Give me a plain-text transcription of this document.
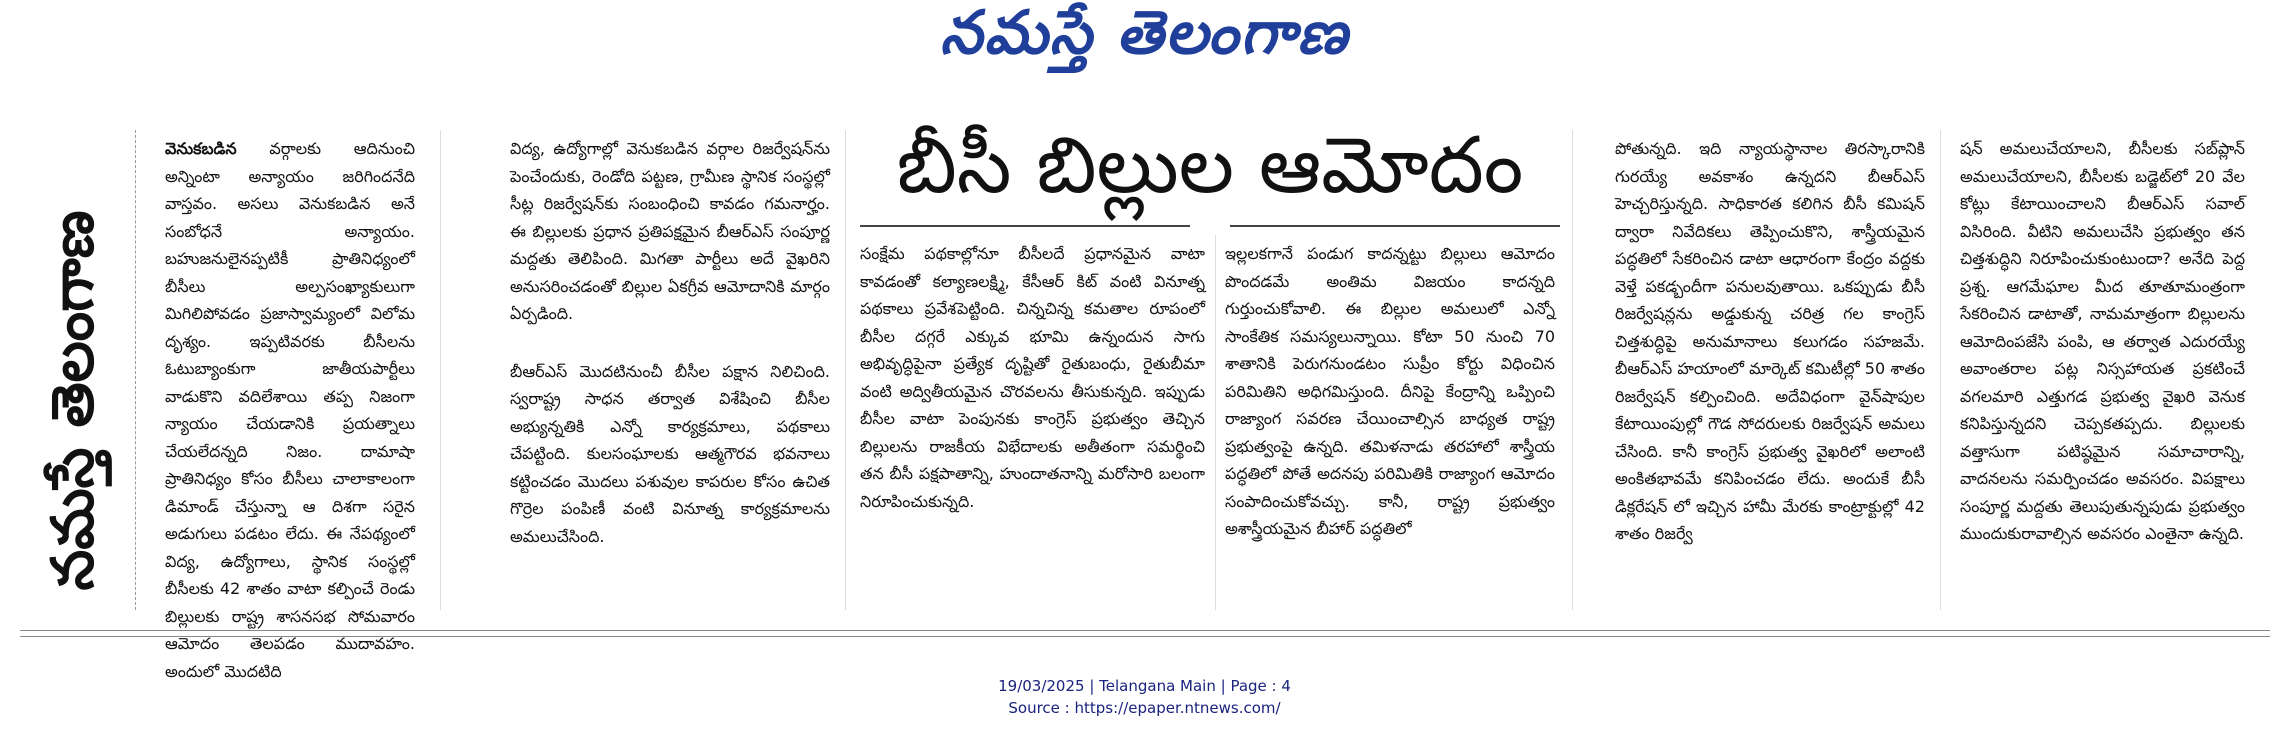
నమస్తే తెలంగాణ
నమస్తే తెలంగాణ

వెనుకబడిన వర్గాలకు ఆదినుంచి అన్నింటా అన్యాయం జరిగిందనేది వాస్తవం. అసలు వెనుకబడిన అనే సంబోధనే అన్యాయం. బహుజనులైనప్పటికీ ప్రాతినిధ్యంలో బీసీలు అల్పసంఖ్యాకులుగా మిగిలిపోవడం ప్రజాస్వామ్యంలో విలోమ దృశ్యం. ఇప్పటివరకు బీసీలను ఓటుబ్యాంకుగా జాతీయపార్టీలు వాడుకొని వదిలేశాయి తప్ప నిజంగా న్యాయం చేయడానికి ప్రయత్నాలు చేయలేదన్నది నిజం. దామాషా ప్రాతినిధ్యం కోసం బీసీలు చాలాకాలంగా డిమాండ్ చేస్తున్నా ఆ దిశగా సరైన అడుగులు పడటం లేదు. ఈ నేపథ్యంలో విద్య, ఉద్యోగాలు, స్థానిక సంస్థల్లో బీసీలకు 42 శాతం వాటా కల్పించే రెండు బిల్లులకు రాష్ట్ర శాసనసభ సోమవారం ఆమోదం తెలపడం ముదావహం. అందులో మొదటిది

విద్య, ఉద్యోగాల్లో వెనుకబడిన వర్గాల రిజర్వేషన్‌ను పెంచేందుకు, రెండోది పట్టణ, గ్రామీణ స్థానిక సంస్థల్లో సీట్ల రిజర్వేషన్‌కు సంబంధించి కావడం గమనార్హం. ఈ బిల్లులకు ప్రధాన ప్రతిపక్షమైన బీఆర్‌ఎస్ సంపూర్ణ మద్దతు తెలిపింది. మిగతా పార్టీలు అదే వైఖరిని అనుసరించడంతో బిల్లుల ఏకగ్రీవ ఆమోదానికి మార్గం ఏర్పడింది.

బీఆర్‌ఎస్ మొదటినుంచీ బీసీల పక్షాన నిలిచింది. స్వరాష్ట్ర సాధన తర్వాత విశేషించి బీసీల అభ్యున్నతికి ఎన్నో కార్యక్రమాలు, పథకాలు చేపట్టింది. కులసంఘాలకు ఆత్మగౌరవ భవనాలు కట్టించడం మొదలు పశువుల కాపరుల కోసం ఉచిత గొర్రెల పంపిణీ వంటి వినూత్న కార్యక్రమాలను అమలుచేసింది.

బీసీ బిల్లుల ఆమోదం

సంక్షేమ పథకాల్లోనూ బీసీలదే ప్రధానమైన వాటా కావడంతో కల్యాణలక్ష్మి, కేసీఆర్ కిట్ వంటి వినూత్న పథకాలు ప్రవేశపెట్టింది. చిన్నచిన్న కమతాల రూపంలో బీసీల దగ్గరే ఎక్కువ భూమి ఉన్నందున సాగు అభివృద్ధిపైనా ప్రత్యేక దృష్టితో రైతుబంధు, రైతుబీమా వంటి అద్వితీయమైన చొరవలను తీసుకున్నది. ఇప్పుడు బీసీల వాటా పెంపునకు కాంగ్రెస్ ప్రభుత్వం తెచ్చిన బిల్లులను రాజకీయ విభేదాలకు అతీతంగా సమర్థించి తన బీసీ పక్షపాతాన్ని, హుందాతనాన్ని మరోసారి బలంగా నిరూపించుకున్నది.

ఇల్లలకగానే పండుగ కాదన్నట్టు బిల్లులు ఆమోదం పొందడమే అంతిమ విజయం కాదన్నది గుర్తుంచుకోవాలి. ఈ బిల్లుల అమలులో ఎన్నో సాంకేతిక సమస్యలున్నాయి. కోటా 50 నుంచి 70 శాతానికి పెరుగనుండటం సుప్రీం కోర్టు విధించిన పరిమితిని అధిగమిస్తుంది. దీనిపై కేంద్రాన్ని ఒప్పించి రాజ్యాంగ సవరణ చేయించాల్సిన బాధ్యత రాష్ట్ర ప్రభుత్వంపై ఉన్నది. తమిళనాడు తరహాలో శాస్త్రీయ పద్ధతిలో పోతే అదనపు పరిమితికి రాజ్యాంగ ఆమోదం సంపాదించుకోవచ్చు. కానీ, రాష్ట్ర ప్రభుత్వం అశాస్త్రీయమైన బీహార్ పద్ధతిలో

పోతున్నది. ఇది న్యాయస్థానాల తిరస్కారానికి గురయ్యే అవకాశం ఉన్నదని బీఆర్‌ఎస్ హెచ్చరిస్తున్నది. సాధికారత కలిగిన బీసీ కమిషన్ ద్వారా నివేదికలు తెప్పించుకొని, శాస్త్రీయమైన పద్ధతిలో సేకరించిన డాటా ఆధారంగా కేంద్రం వద్దకు వెళ్తే పకడ్బందీగా పనులవుతాయి. ఒకప్పుడు బీసీ రిజర్వేషన్లను అడ్డుకున్న చరిత్ర గల కాంగ్రెస్ చిత్తశుద్ధిపై అనుమానాలు కలుగడం సహజమే. బీఆర్‌ఎస్ హయాంలో మార్కెట్ కమిటీల్లో 50 శాతం రిజర్వేషన్ కల్పించింది. అదేవిధంగా వైన్‌షాపుల కేటాయింపుల్లో గౌడ సోదరులకు రిజర్వేషన్ అమలు చేసింది. కానీ కాంగ్రెస్ ప్రభుత్వ వైఖరిలో అలాంటి అంకితభావమే కనిపించడం లేదు. అందుకే బీసీ డిక్లరేషన్ లో ఇచ్చిన హామీ మేరకు కాంట్రాక్టుల్లో 42 శాతం రిజర్వే

షన్ అమలుచేయాలని, బీసీలకు సబ్‌ప్లాన్ అమలుచేయాలని, బీసీలకు బడ్జెట్‌లో 20 వేల కోట్లు కేటాయించాలని బీఆర్‌ఎస్ సవాల్ విసిరింది. వీటిని అమలుచేసి ప్రభుత్వం తన చిత్తశుద్ధిని నిరూపించుకుంటుందా? అనేది పెద్ద ప్రశ్న. ఆగమేఘాల మీద తూతూమంత్రంగా సేకరించిన డాటాతో, నామమాత్రంగా బిల్లులను ఆమోదింపజేసి పంపి, ఆ తర్వాత ఎదురయ్యే అవాంతరాల పట్ల నిస్సహాయత ప్రకటించే వగలమారి ఎత్తుగడ ప్రభుత్వ వైఖరి వెనుక కనిపిస్తున్నదని చెప్పకతప్పదు. బిల్లులకు వత్తాసుగా పటిష్ఠమైన సమాచారాన్ని, వాదనలను సమర్పించడం అవసరం. విపక్షాలు సంపూర్ణ మద్దతు తెలుపుతున్నపుడు ప్రభుత్వం ముందుకురావాల్సిన అవసరం ఎంతైనా ఉన్నది.

19/03/2025 | Telangana Main | Page : 4
Source : https://epaper.ntnews.com/
